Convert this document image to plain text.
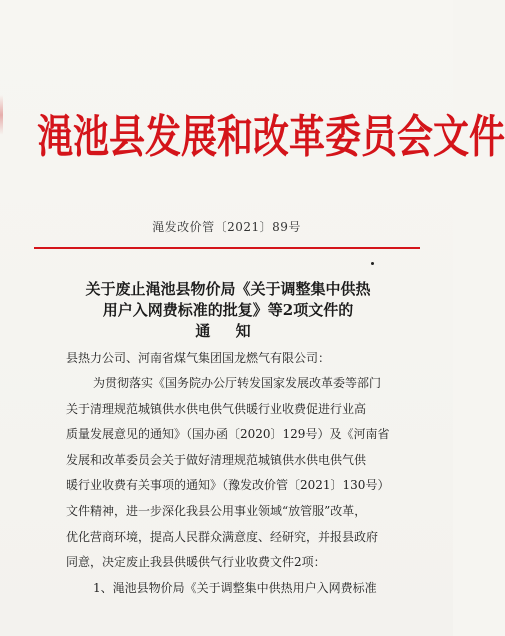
渑池县发展和改革委员会文件
渑发改价管〔2021〕89号
关于废止渑池县物价局《关于调整集中供热
用户入网费标准的批复》等2项文件的
通 知
县热力公司、河南省煤气集团国龙燃气有限公司：
为贯彻落实《国务院办公厅转发国家发展改革委等部门
关于清理规范城镇供水供电供气供暖行业收费促进行业高
质量发展意见的通知》（国办函〔2020〕129号）及《河南省
发展和改革委员会关于做好清理规范城镇供水供电供气供
暖行业收费有关事项的通知》（豫发改价管〔2021〕130号）
文件精神，进一步深化我县公用事业领域“放管服”改革，
优化营商环境，提高人民群众满意度、经研究，并报县政府
同意，决定废止我县供暖供气行业收费文件2项：
1、渑池县物价局《关于调整集中供热用户入网费标准
